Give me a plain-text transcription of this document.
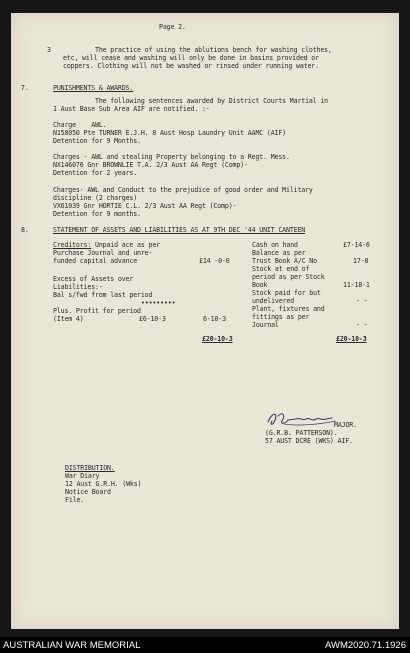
Page 2.
3	The practice of using the ablutions bench for washing clothes,
etc, will cease and washing will only be done in basins provided or
coppers. Clothing will not be washed or rinsed under running water.
7.	PUNISHMENTS & AWARDS.
The following sentences awarded by District Courts Martial in
1 Aust Base Sub Area AIF are notified. :-
Charge    AWL.
N158050 Pte TURNER E.J.H. 8 Aust Hosp Laundry Unit AAMC (AIF)
Detention for 9 Months.
Charges - AWL and stealing Property belonging to a Regt. Mess.
NX146076 Gnr BROWNLIE T.A. 2/3 Aust AA Regt (Comp)-
Detention for 2 years.
Charges- AWL and Conduct to the prejudice of good order and Military
discipline (2 charges)
VX61039 Gnr HORTIE C.L. 2/3 Aust AA Regt (Comp)-
Detention for 9 months.
8.	STATEMENT OF ASSETS AND LIABILITIES AS AT 9TH DEC '44 UNIT CANTEEN
Creditors: Unpaid ace as per
Purchase Journal and unre-
funded capital advance	£14 -0-0
Excess of Assets over
Liabilities:-
Bal s/fwd from last period
•••••••••
Plus. Profit for period
(Item 4)	£6-10-3	6-10-3
£20-10-3
Cash on hand	£7-14-6
Balance as per
Trust Book A/C No	17-8
Stock at end of
period as per Stock
Book	11-18-1
Stock paid for but
undelivered	- -
Plant, fixtures and
fittings as per
Journal	- -
£20-10-3
MAJOR.
(G.R.B. PATTERSON).
57 AUST DCRE (WKS) AIF.
DISTRIBUTION.
War Diary
12 Aust G.R.H. (Wks)
Notice Board
File.
AUSTRALIAN WAR MEMORIAL	AWM2020.71.1926
